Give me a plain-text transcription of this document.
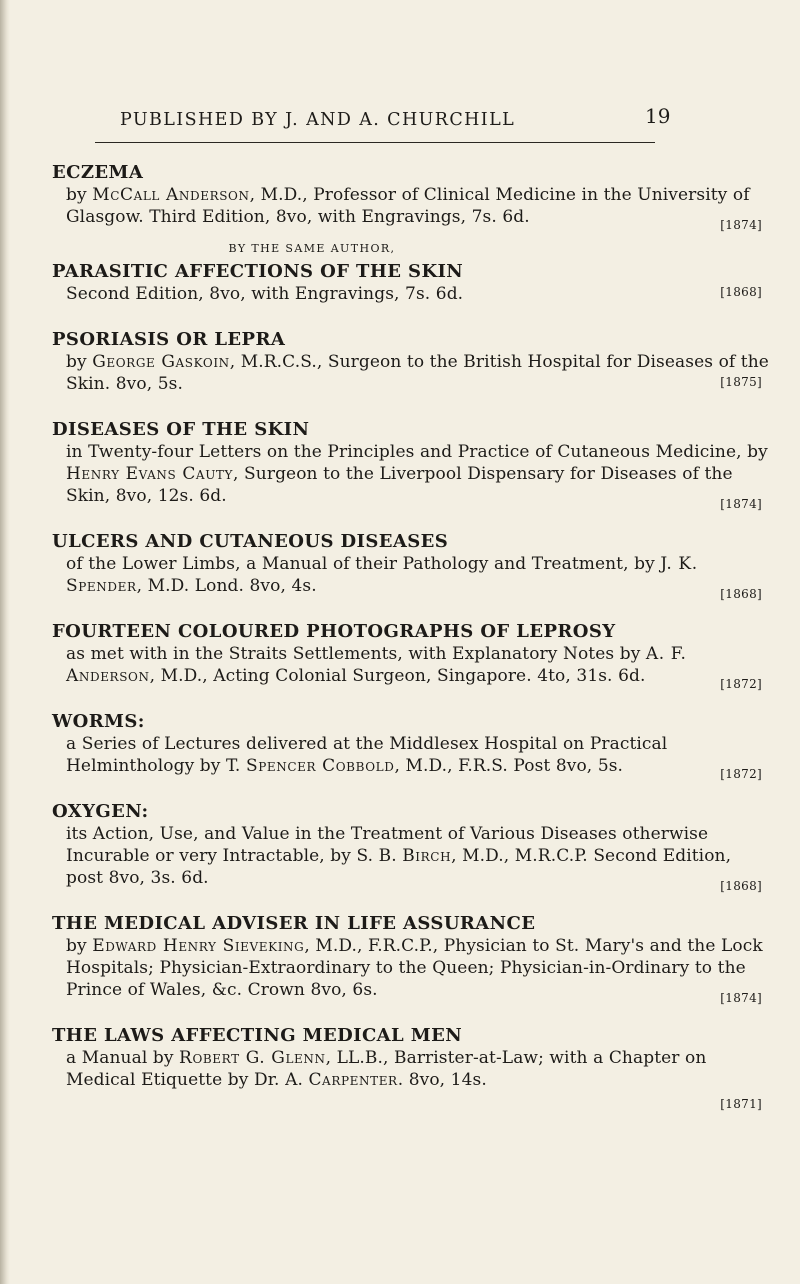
PUBLISHED BY J. AND A. CHURCHILL	19
ECZEMA
by McCall Anderson, M.D., Professor of Clinical Medicine in the University of Glasgow. Third Edition, 8vo, with Engravings, 7s. 6d.	[1874]
BY THE SAME AUTHOR,
PARASITIC AFFECTIONS OF THE SKIN
Second Edition, 8vo, with Engravings, 7s. 6d.	[1868]
PSORIASIS OR LEPRA
by George Gaskoin, M.R.C.S., Surgeon to the British Hospital for Diseases of the Skin. 8vo, 5s.	[1875]
DISEASES OF THE SKIN
in Twenty-four Letters on the Principles and Practice of Cutaneous Medicine, by Henry Evans Cauty, Surgeon to the Liverpool Dispensary for Diseases of the Skin, 8vo, 12s. 6d.	[1874]
ULCERS AND CUTANEOUS DISEASES
of the Lower Limbs, a Manual of their Pathology and Treatment, by J. K. Spender, M.D. Lond. 8vo, 4s.	[1868]
FOURTEEN COLOURED PHOTOGRAPHS OF LEPROSY
as met with in the Straits Settlements, with Explanatory Notes by A. F. Anderson, M.D., Acting Colonial Surgeon, Singapore. 4to, 31s. 6d.	[1872]
WORMS:
a Series of Lectures delivered at the Middlesex Hospital on Practical Helminthology by T. Spencer Cobbold, M.D., F.R.S. Post 8vo, 5s.	[1872]
OXYGEN:
its Action, Use, and Value in the Treatment of Various Diseases otherwise Incurable or very Intractable, by S. B. Birch, M.D., M.R.C.P. Second Edition, post 8vo, 3s. 6d.	[1868]
THE MEDICAL ADVISER IN LIFE ASSURANCE
by Edward Henry Sieveking, M.D., F.R.C.P., Physician to St. Mary's and the Lock Hospitals; Physician-Extraordinary to the Queen; Physician-in-Ordinary to the Prince of Wales, &c. Crown 8vo, 6s.	[1874]
THE LAWS AFFECTING MEDICAL MEN
a Manual by Robert G. Glenn, LL.B., Barrister-at-Law; with a Chapter on Medical Etiquette by Dr. A. Carpenter. 8vo, 14s.
[1871]
